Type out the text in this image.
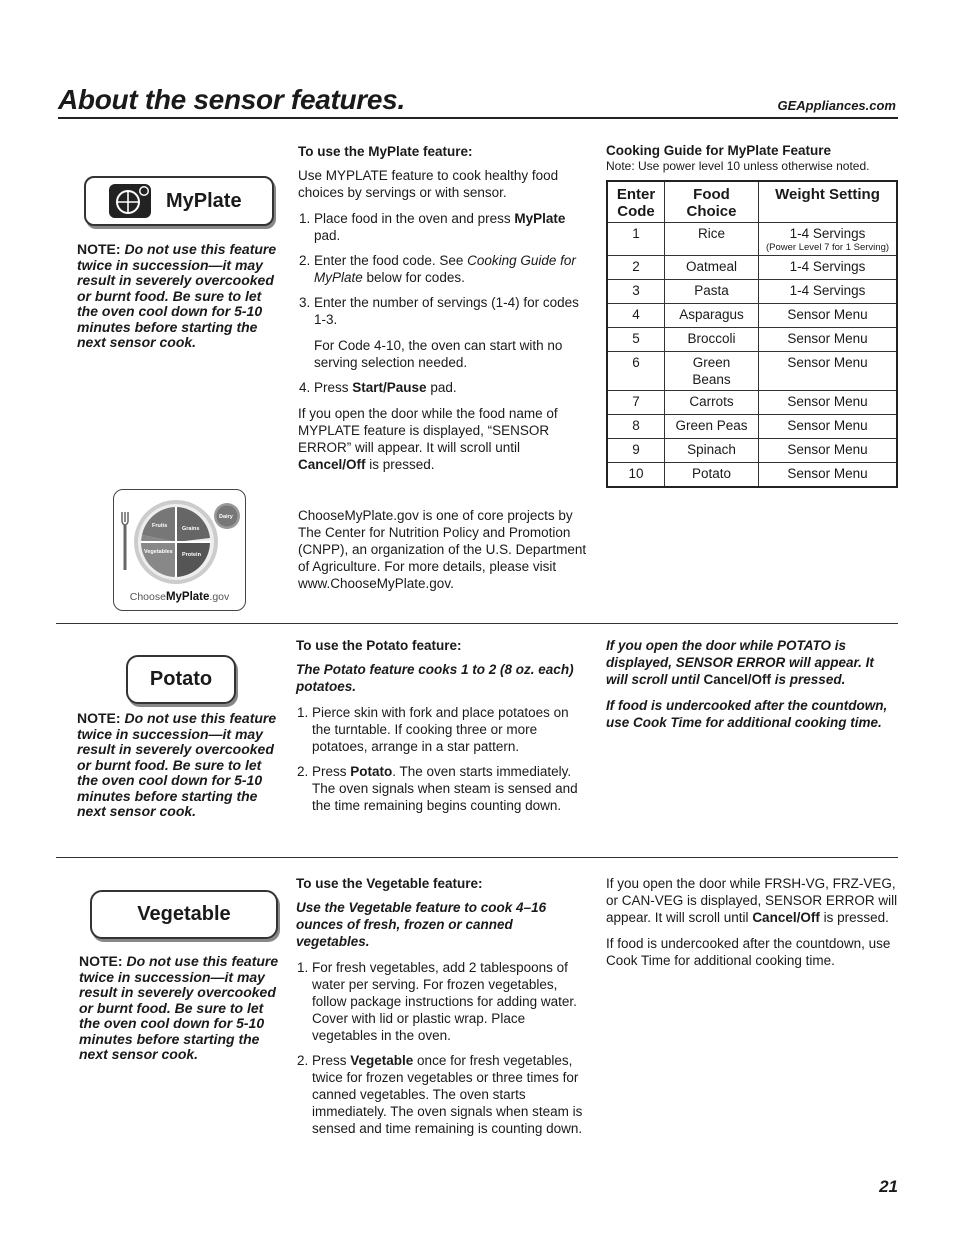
About the sensor features.	GEAppliances.com
MyPlate
NOTE: Do not use this feature twice in succession—it may result in severely overcooked or burnt food. Be sure to let the oven cool down for 5-10 minutes before starting the next sensor cook.
Fruits	Grains
Vegetables Protein
Dairy
ChooseMyPlate.gov

To use the MyPlate feature:

Use MYPLATE feature to cook healthy food choices by servings or with sensor.

1. Place food in the oven and press MyPlate pad.
2. Enter the food code. See Cooking Guide for MyPlate below for codes.
3. Enter the number of servings (1-4) for codes 1-3.
For Code 4-10, the oven can start with no serving selection needed.
4. Press Start/Pause pad.

If you open the door while the food name of MYPLATE feature is displayed, “SENSOR ERROR” will appear. It will scroll until Cancel/Off is pressed.

ChooseMyPlate.gov is one of core projects by The Center for Nutrition Policy and Promotion (CNPP), an organization of the U.S. Department of Agriculture. For more details, please visit www.ChooseMyPlate.gov.
Cooking Guide for MyPlate Feature
Note: Use power level 10 unless otherwise noted.
Enter Code	Food Choice	Weight Setting
1	Rice	1-4 Servings
(Power Level 7 for 1 Serving)

2	Oatmeal	1-4 Servings
3	Pasta	1-4 Servings
4	Asparagus	Sensor Menu
5	Broccoli	Sensor Menu
6	Green Beans	Sensor Menu
7	Carrots	Sensor Menu
8	Green Peas	Sensor Menu
9	Spinach	Sensor Menu
10	Potato	Sensor Menu
Potato
NOTE: Do not use this feature twice in succession—it may result in severely overcooked or burnt food. Be sure to let the oven cool down for 5-10 minutes before starting the next sensor cook.

To use the Potato feature:

The Potato feature cooks 1 to 2 (8 oz. each) potatoes.

1. Pierce skin with fork and place potatoes on the turntable. If cooking three or more potatoes, arrange in a star pattern.
2. Press Potato. The oven starts immediately. The oven signals when steam is sensed and the time remaining begins counting down.

If you open the door while POTATO is displayed, SENSOR ERROR will appear. It will scroll until Cancel/Off is pressed.

If food is undercooked after the countdown, use Cook Time for additional cooking time.

Vegetable
NOTE: Do not use this feature twice in succession—it may result in severely overcooked or burnt food. Be sure to let the oven cool down for 5-10 minutes before starting the next sensor cook.

To use the Vegetable feature:

Use the Vegetable feature to cook 4–16 ounces of fresh, frozen or canned vegetables.

1. For fresh vegetables, add 2 tablespoons of water per serving. For frozen vegetables, follow package instructions for adding water. Cover with lid or plastic wrap. Place vegetables in the oven.
2. Press Vegetable once for fresh vegetables, twice for frozen vegetables or three times for canned vegetables. The oven starts immediately. The oven signals when steam is sensed and time remaining is counting down.

If you open the door while FRSH-VG, FRZ-VEG, or CAN-VEG is displayed, SENSOR ERROR will appear. It will scroll until Cancel/Off is pressed.

If food is undercooked after the countdown, use Cook Time for additional cooking time.

21
